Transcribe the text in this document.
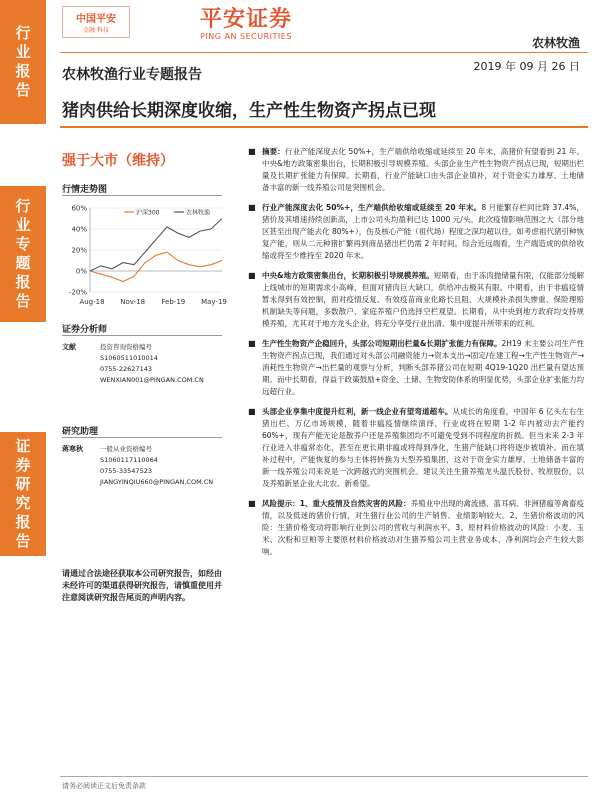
行
业
报
告
行
业
专
题
报
告
证
券
研
究
报
告
中国平安
金融·科技	平安证券
PING AN SECURITIES	农林牧渔
2019 年 09 月 26 日
农林牧渔行业专题报告
猪肉供给长期深度收缩，生产性生物资产拐点已现
强于大市（维持）
行情走势图
60%
40%
20%
0%
-20%
Aug-18 Nov-18 Feb-19 May-19
沪深300	农林牧渔
证券分析师
文献	投资咨询资格编号
S1060511010014
0755-22627143
WENXIAN001@PINGAN.COM.CN
研究助理
蒋寒秋	一般从业资格编号
S1060117110064
0755-33547523
JIANGYINQIU660@PINGAN.COM.CN
请通过合法途径获取本公司研究报告，如经由未经许可的渠道获得研究报告，请慎重使用并注意阅读研究报告尾页的声明内容。

■ 摘要：行业产能深度去化 50%+，生产端供给收缩或延续至 20 年末，高猪价有望看到 21 年。中央&地方政策密集出台，长期积极引导规模养殖。头部企业生产性生物资产拐点已现，短期出栏量及长期扩张能力有保障。长期看，行业产能缺口由头部企业填补，对于资金实力雄厚、土地储备丰富的新一线养殖公司是突围机会。

■ 行业产能深度去化 50%+，生产端供给收缩或延续至 20 年末。8 月能繁存栏同比降 37.4%，猪价及其增速持续创新高，上市公司头均盈利已达 1000 元/头。此次疫情影响范围之大（部分地区甚至出现产能去化 80%+），伤及核心产能（祖代场）程度之深均超以往，如考虑祖代猪引种恢复产能，则从二元种猪扩繁再到商品猪出栏仍需 2 年时间。综合近远端看，生产端造成的供给收缩或将至少维持至 2020 年末。

■ 中央&地方政策密集出台，长期积极引导规模养殖。短期看，由于冻肉抛储量有限，仅能部分缓解上线城市的短期需求小高峰，但面对猪肉巨大缺口，供给冲击极其有限。中期看，由于非瘟疫情暂未得到有效控制，面对疫情反复、有效疫苗商业化路长且阻、大规模补杀损失惨重、保险理赔机制缺失等问题，多数散户、家庭养殖户仍选择空栏观望。长期看，从中央到地方政府均支持规模养殖，尤其对于地方龙头企业，将充分享受行业出清、集中度提升所带来的红利。

■ 生产性生物资产企稳回升，头部公司短期出栏量&长期扩张能力有保障。2H19 末主要公司生产性生物资产拐点已现，我们通过对头部公司融资能力→资本支出→固定/在建工程→生产性生物资产→消耗性生物资产→出栏量的观察与分析，判断头部养猪公司在短期 4Q19-1Q20 出栏量有望达预期。而中长期看，得益于政策鼓励+资金、土储、生物安防体系的明显优势，头部企业扩张能力均远超行业。

■ 头部企业享集中度提升红利，新一线企业有望弯道超车。从成长的角度看，中国年 6 亿头左右生猪出栏、万亿市场规模，随着非瘟疫情继续演绎，行业或将在短期 1-2 年内被动去产能约 60%+，现有产能无论是散养户还是养殖集团均不可避免受到不同程度的折损。但当未来 2-3 年行业进入非瘟常态化，甚至在更长期非瘟或将得到净化，生猪产能缺口将将逐步被填补。而在填补过程中，产能恢复的参与主体将转换为大型养殖集团，这对于资金实力雄厚、土地储备丰富的新一线养殖公司来说是一次跨越式的突围机会。建议关注生猪养殖龙头温氏股份、牧原股份，以及养殖新星企业大北农、新希望。

■ 风险提示：1、重大疫情及自然灾害的风险：养殖业中出现的禽流感、蓝耳病、非洲猪瘟等禽畜疫情，以及低迷的猪价行情，对生猪行业公司的生产销售、业绩影响较大。2、生猪价格波动的风险：生猪价格变动将影响行业到公司的营收与利润水平。3、原材料价格波动的风险：小麦、玉米、次粉和豆粕等主要原材料价格波动对生猪养殖公司主营业务成本、净利润均会产生较大影响。

请务必阅读正文后免责条款
